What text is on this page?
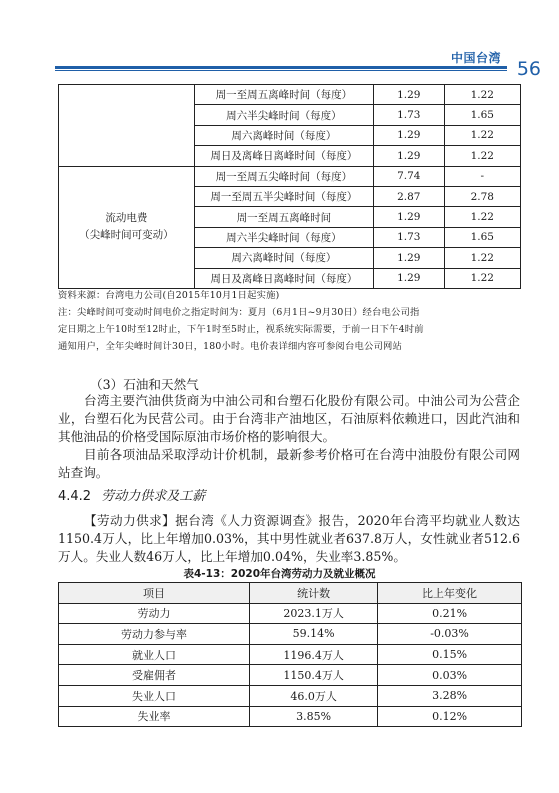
中国台湾 56
	周一至周五离峰时间（每度）	1.29	1.22
	周六半尖峰时间（每度）	1.73	1.65
	周六离峰时间（每度）	1.29	1.22
	周日及离峰日离峰时间（每度）	1.29	1.22

流动电费
（尖峰时间可变动）	周一至周五尖峰时间（每度）	7.74	-
	周一至周五半尖峰时间（每度）	2.87	2.78
	周一至周五离峰时间	1.29	1.22
	周六半尖峰时间（每度）	1.73	1.65
	周六离峰时间（每度）	1.29	1.22
	周日及离峰日离峰时间（每度）	1.29	1.22
资料来源：台湾电力公司(自2015年10月1日起实施)
注：尖峰时间可变动时间电价之指定时间为：夏月（6月1日~9月30日）经台电公司指
定日期之上午10时至12时止，下午1时至5时止，视系统实际需要，于前一日下午4时前
通知用户，全年尖峰时间计30日，180小时。电价表详细内容可参阅台电公司网站
（3）石油和天然气

台湾主要汽油供货商为中油公司和台塑石化股份有限公司。中油公司为公营企业，台塑石化为民营公司。由于台湾非产油地区，石油原料依赖进口，因此汽油和其他油品的价格受国际原油市场价格的影响很大。

目前各项油品采取浮动计价机制，最新参考价格可在台湾中油股份有限公司网站查询。

4.4.2 劳动力供求及工薪

【劳动力供求】据台湾《人力资源调查》报告，2020年台湾平均就业人数达1150.4万人，比上年增加0.03%，其中男性就业者637.8万人，女性就业者512.6万人。失业人数46万人，比上年增加0.04%，失业率3.85%。

表4-13：2020年台湾劳动力及就业概况
项目	统计数	比上年变化
劳动力	2023.1万人	0.21%
劳动力参与率	59.14%	-0.03%
就业人口	1196.4万人	0.15%
受雇佣者	1150.4万人	0.03%
失业人口	46.0万人	3.28%
失业率	3.85%	0.12%
